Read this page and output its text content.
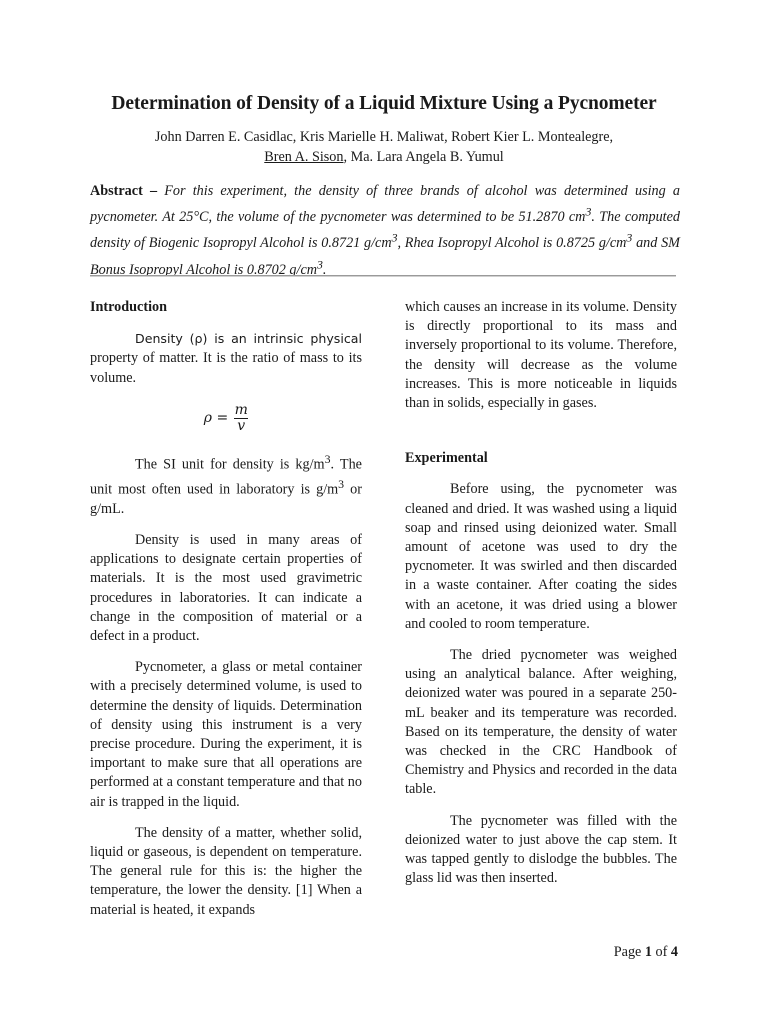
Determination of Density of a Liquid Mixture Using a Pycnometer
John Darren E. Casidlac, Kris Marielle H. Maliwat, Robert Kier L. Montealegre,
Bren A. Sison, Ma. Lara Angela B. Yumul
Abstract – For this experiment, the density of three brands of alcohol was determined using a pycnometer. At 25°C, the volume of the pycnometer was determined to be 51.2870 $cm^3$. The computed density of Biogenic Isopropyl Alcohol is 0.8721 $g/cm^3$, Rhea Isopropyl Alcohol is 0.8725 $g/cm^3$ and SM Bonus Isopropyl Alcohol is 0.8702 $g/cm^3$.
Introduction

Density (ρ) is an intrinsic physical property of matter. It is the ratio of mass to its volume.

$\rho = \frac{m}{v}$

The SI unit for density is $kg/m^3$. The unit most often used in laboratory is $g/m^3$ or g/mL.

Density is used in many areas of applications to designate certain properties of materials. It is the most used gravimetric procedures in laboratories. It can indicate a change in the composition of material or a defect in a product.

Pycnometer, a glass or metal container with a precisely determined volume, is used to determine the density of liquids. Determination of density using this instrument is a very precise procedure. During the experiment, it is important to make sure that all operations are performed at a constant temperature and that no air is trapped in the liquid.

The density of a matter, whether solid, liquid or gaseous, is dependent on temperature. The general rule for this is: the higher the temperature, the lower the density. [1] When a material is heated, it expands

which causes an increase in its volume. Density is directly proportional to its mass and inversely proportional to its volume. Therefore, the density will decrease as the volume increases. This is more noticeable in liquids than in solids, especially in gases.

Experimental

Before using, the pycnometer was cleaned and dried. It was washed using a liquid soap and rinsed using deionized water. Small amount of acetone was used to dry the pycnometer. It was swirled and then discarded in a waste container. After coating the sides with an acetone, it was dried using a blower and cooled to room temperature.

The dried pycnometer was weighed using an analytical balance. After weighing, deionized water was poured in a separate 250-mL beaker and its temperature was recorded. Based on its temperature, the density of water was checked in the CRC Handbook of Chemistry and Physics and recorded in the data table.

The pycnometer was filled with the deionized water to just above the cap stem. It was tapped gently to dislodge the bubbles. The glass lid was then inserted.

Page 1 of 4
